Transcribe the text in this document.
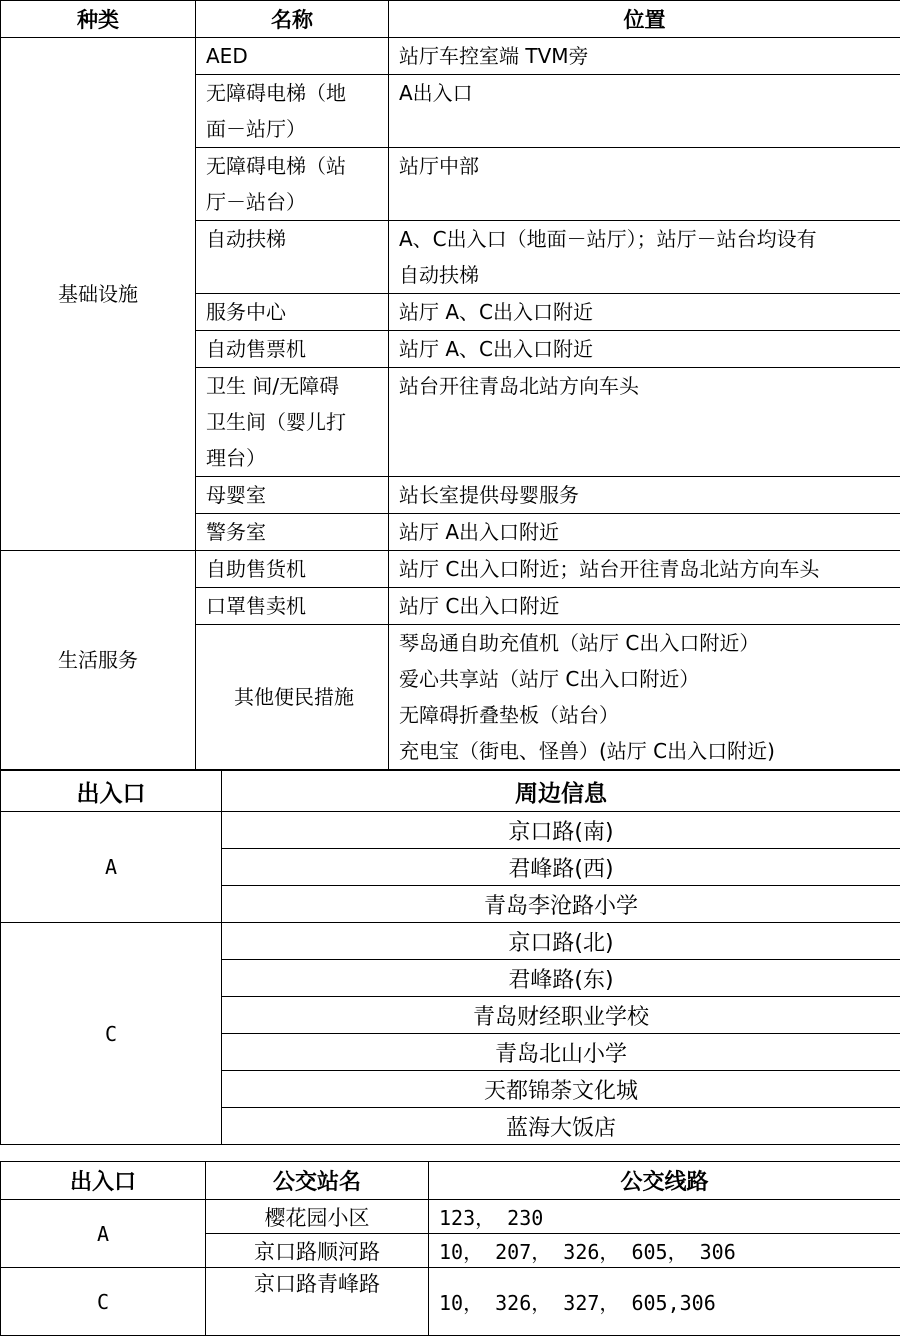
种类	名称	位置
基础设施	AED	站厅车控室端 TVM旁

	无障碍电梯（地
面－站厅）	A出入口

	无障碍电梯（站
厅－站台）	站厅中部

	自动扶梯	A、C出入口（地面－站厅）；站厅－站台均设有
自动扶梯

	服务中心	站厅 A、C出入口附近

	自动售票机	站厅 A、C出入口附近

	卫生 间/无障碍
卫生间（婴儿打
理台）	站台开往青岛北站方向车头

	母婴室	站长室提供母婴服务

	警务室	站厅 A出入口附近

生活服务	自助售货机	站厅 C出入口附近；站台开往青岛北站方向车头

	口罩售卖机	站厅 C出入口附近

	其他便民措施	琴岛通自助充值机（站厅 C出入口附近）
爱心共享站（站厅 C出入口附近）
无障碍折叠垫板（站台）
充电宝（街电、怪兽）(站厅 C出入口附近)
出入口	周边信息
A	京口路(南)
	君峰路(西)
	青岛李沧路小学
C	京口路(北)
	君峰路(东)
	青岛财经职业学校
	青岛北山小学
	天都锦荼文化城
	蓝海大饭店
出入口	公交站名	公交线路
A	樱花园小区	123， 230
	京口路顺河路	10， 207， 326， 605， 306
C	京口路青峰路	10， 326， 327， 605,306
